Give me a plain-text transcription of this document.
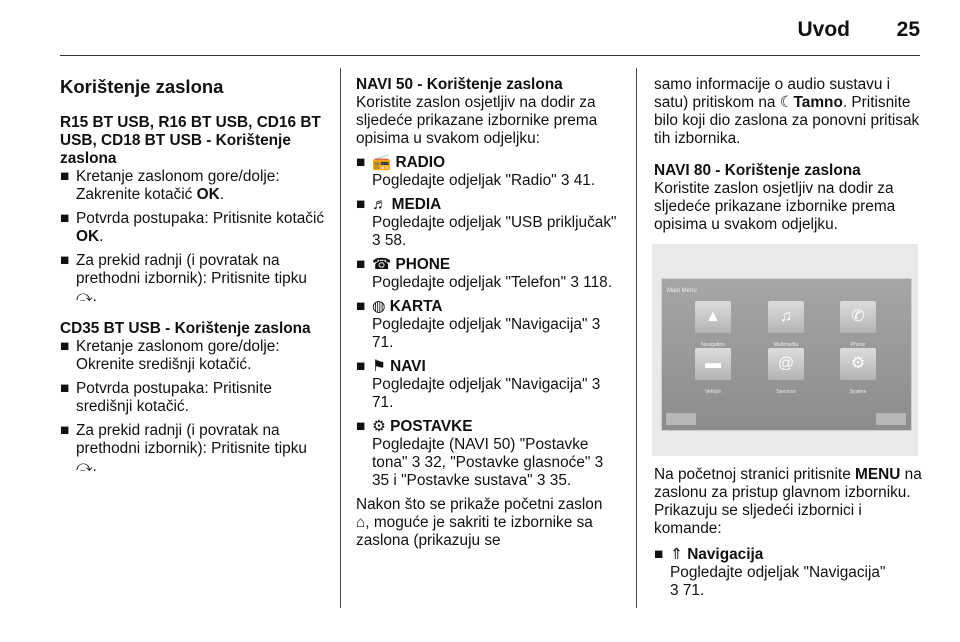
Uvod 25
Korištenje zaslona

R15 BT USB, R16 BT USB, CD16 BT USB, CD18 BT USB - Korištenje zaslona

■ Kretanje zaslonom gore/dolje: Zakrenite kotačić OK.
■ Potvrda postupaka: Pritisnite kotačić OK.
■ Za prekid radnji (i povratak na prethodni izbornik): Pritisnite tipku ⤼.

CD35 BT USB - Korištenje zaslona

■ Kretanje zaslonom gore/dolje: Okrenite središnji kotačić.
■ Potvrda postupaka: Pritisnite središnji kotačić.
■ Za prekid radnji (i povratak na prethodni izbornik): Pritisnite tipku ⤼.

NAVI 50 - Korištenje zaslona

Koristite zaslon osjetljiv na dodir za sljedeće prikazane izbornike prema opisima u svakom odjeljku:

■ 📻 RADIO
Pogledajte odjeljak "Radio" 3 41.
■ ♬ MEDIA
Pogledajte odjeljak "USB priključak" 3 58.
■ ☎ PHONE
Pogledajte odjeljak "Telefon" 3 118.
■ ◍ KARTA
Pogledajte odjeljak "Navigacija" 3 71.
■ ⚑ NAVI
Pogledajte odjeljak "Navigacija" 3 71.
■ ⚙ POSTAVKE
Pogledajte (NAVI 50) "Postavke tona" 3 32, "Postavke glasnoće" 3 35 i "Postavke sustava" 3 35.

Nakon što se prikaže početni zaslon ⌂, moguće je sakriti te izbornike sa zaslona (prikazuju se

samo informacije o audio sustavu i satu) pritiskom na ☾Tamno. Pritisnite bilo koji dio zaslona za ponovni pritisak tih izbornika.

NAVI 80 - Korištenje zaslona

Koristite zaslon osjetljiv na dodir za sljedeće prikazane izbornike prema opisima u svakom odjeljku.

Main Menu
▲
Navigation
♫
Multimedia
✆
Phone
▬
Vehicle
@
Services
⚙
System

Na početnoj stranici pritisnite MENU na zaslonu za pristup glavnom izborniku. Prikazuju se sljedeći izbornici i komande:

■ ⇑ Navigacija
Pogledajte odjeljak "Navigacija"
3 71.
